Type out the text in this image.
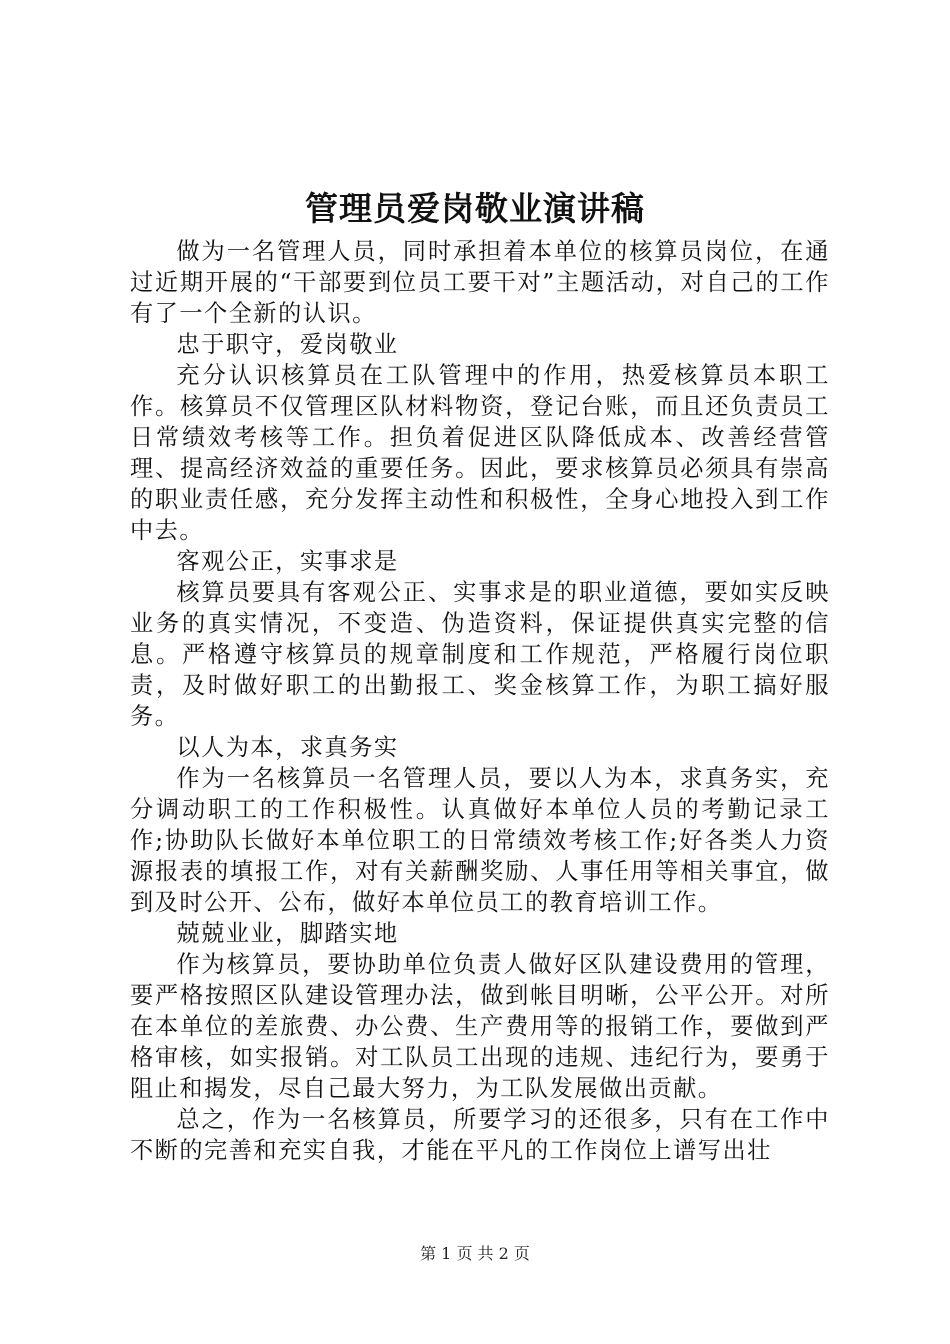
管理员爱岗敬业演讲稿

做为一名管理人员，同时承担着本单位的核算员岗位，在通过近期开展的“干部要到位员工要干对”主题活动，对自己的工作有了一个全新的认识。

忠于职守，爱岗敬业

充分认识核算员在工队管理中的作用，热爱核算员本职工作。核算员不仅管理区队材料物资，登记台账，而且还负责员工日常绩效考核等工作。担负着促进区队降低成本、改善经营管理、提高经济效益的重要任务。因此，要求核算员必须具有崇高的职业责任感，充分发挥主动性和积极性，全身心地投入到工作中去。

客观公正，实事求是

核算员要具有客观公正、实事求是的职业道德，要如实反映业务的真实情况，不变造、伪造资料，保证提供真实完整的信息。严格遵守核算员的规章制度和工作规范，严格履行岗位职责，及时做好职工的出勤报工、奖金核算工作，为职工搞好服务。

以人为本，求真务实

作为一名核算员一名管理人员，要以人为本，求真务实，充分调动职工的工作积极性。认真做好本单位人员的考勤记录工作;协助队长做好本单位职工的日常绩效考核工作;好各类人力资源报表的填报工作，对有关薪酬奖励、人事任用等相关事宜，做到及时公开、公布，做好本单位员工的教育培训工作。

兢兢业业，脚踏实地

作为核算员，要协助单位负责人做好区队建设费用的管理，要严格按照区队建设管理办法，做到帐目明晰，公平公开。对所在本单位的差旅费、办公费、生产费用等的报销工作，要做到严格审核，如实报销。对工队员工出现的违规、违纪行为，要勇于阻止和揭发，尽自己最大努力，为工队发展做出贡献。

总之，作为一名核算员，所要学习的还很多，只有在工作中不断的完善和充实自我，才能在平凡的工作岗位上谱写出壮

第 1 页 共 2 页
